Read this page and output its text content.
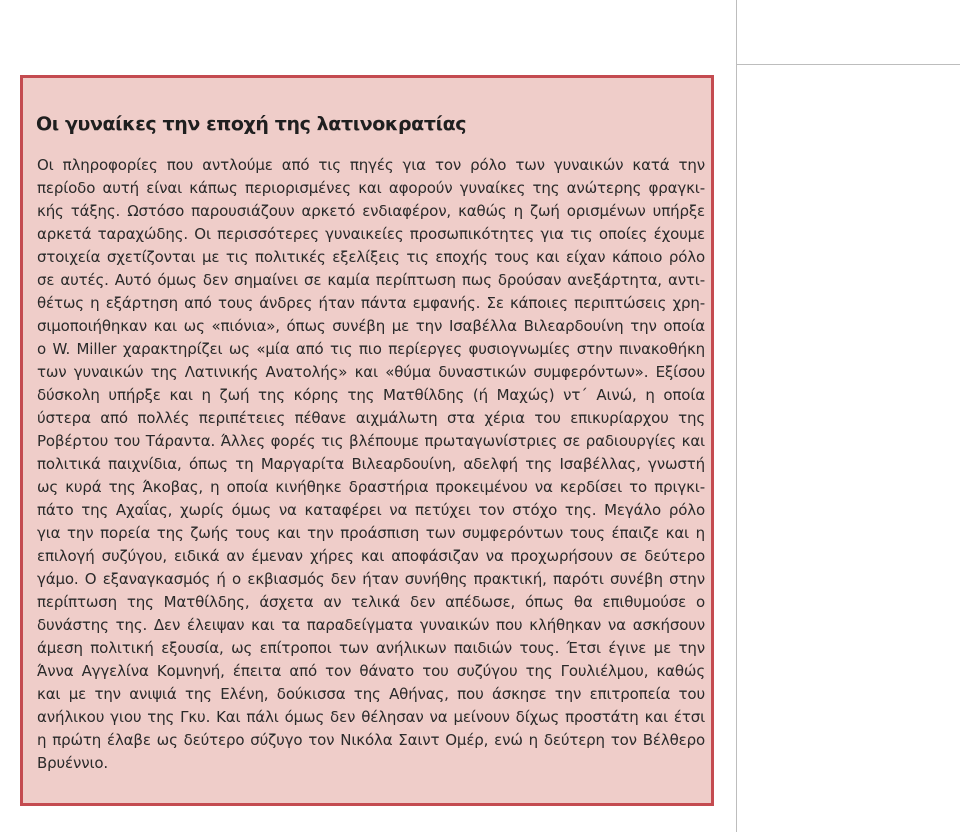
Οι γυναίκες την εποχή της λατινοκρατίας
Οι πληροφορίες που αντλούμε από τις πηγές για τον ρόλο των γυναικών κατά την
περίοδο αυτή είναι κάπως περιορισμένες και αφορούν γυναίκες της ανώτερης φραγκι-
κής τάξης. Ωστόσο παρουσιάζουν αρκετό ενδιαφέρον, καθώς η ζωή ορισμένων υπήρξε
αρκετά ταραχώδης. Οι περισσότερες γυναικείες προσωπικότητες για τις οποίες έχουμε
στοιχεία σχετίζονται με τις πολιτικές εξελίξεις τις εποχής τους και είχαν κάποιο ρόλο
σε αυτές. Αυτό όμως δεν σημαίνει σε καμία περίπτωση πως δρούσαν ανεξάρτητα, αντι-
θέτως η εξάρτηση από τους άνδρες ήταν πάντα εμφανής. Σε κάποιες περιπτώσεις χρη-
σιμοποιήθηκαν και ως «πιόνια», όπως συνέβη με την Ισαβέλλα Βιλεαρδουίνη την οποία
ο W. Miller χαρακτηρίζει ως «μία από τις πιο περίεργες φυσιογνωμίες στην πινακοθήκη
των γυναικών της Λατινικής Ανατολής» και «θύμα δυναστικών συμφερόντων». Εξίσου
δύσκολη υπήρξε και η ζωή της κόρης της Ματθίλδης (ή Μαχώς) ντ΄ Αινώ, η οποία
ύστερα από πολλές περιπέτειες πέθανε αιχμάλωτη στα χέρια του επικυρίαρχου της
Ροβέρτου του Τάραντα. Άλλες φορές τις βλέπουμε πρωταγωνίστριες σε ραδιουργίες και
πολιτικά παιχνίδια, όπως τη Μαργαρίτα Βιλεαρδουίνη, αδελφή της Ισαβέλλας, γνωστή
ως κυρά της Άκοβας, η οποία κινήθηκε δραστήρια προκειμένου να κερδίσει το πριγκι-
πάτο της Αχαΐας, χωρίς όμως να καταφέρει να πετύχει τον στόχο της. Μεγάλο ρόλο
για την πορεία της ζωής τους και την προάσπιση των συμφερόντων τους έπαιζε και η
επιλογή συζύγου, ειδικά αν έμεναν χήρες και αποφάσιζαν να προχωρήσουν σε δεύτερο
γάμο. Ο εξαναγκασμός ή ο εκβιασμός δεν ήταν συνήθης πρακτική, παρότι συνέβη στην
περίπτωση της Ματθίλδης, άσχετα αν τελικά δεν απέδωσε, όπως θα επιθυμούσε ο
δυνάστης της. Δεν έλειψαν και τα παραδείγματα γυναικών που κλήθηκαν να ασκήσουν
άμεση πολιτική εξουσία, ως επίτροποι των ανήλικων παιδιών τους. Έτσι έγινε με την
Άννα Αγγελίνα Κομνηνή, έπειτα από τον θάνατο του συζύγου της Γουλιέλμου, καθώς
και με την ανιψιά της Ελένη, δούκισσα της Αθήνας, που άσκησε την επιτροπεία του
ανήλικου γιου της Γκυ. Και πάλι όμως δεν θέλησαν να μείνουν δίχως προστάτη και έτσι
η πρώτη έλαβε ως δεύτερο σύζυγο τον Νικόλα Σαιντ Ομέρ, ενώ η δεύτερη τον Βέλθερο
Βρυέννιο.
